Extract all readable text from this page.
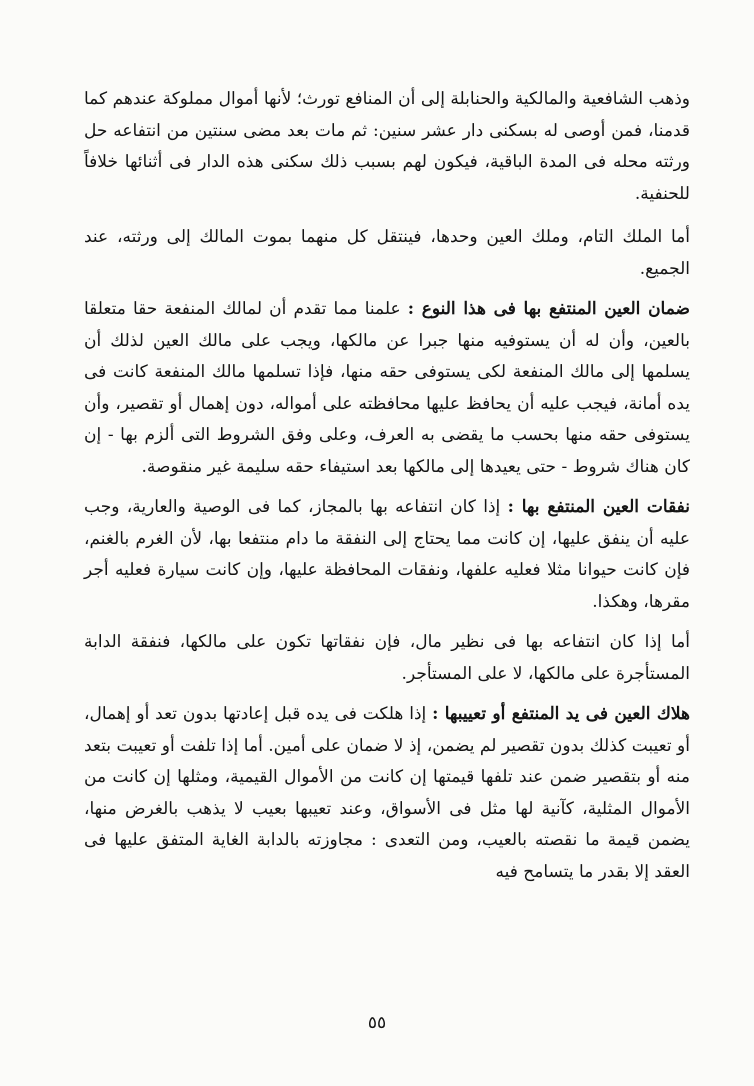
وذهب الشافعية والمالكية والحنابلة إلى أن المنافع تورث؛ لأنها أموال مملوكة عندهم كما قدمنا، فمن أوصى له بسكنى دار عشر سنين: ثم مات بعد مضى سنتين من انتفاعه حل ورثته محله فى المدة الباقية، فيكون لهم بسبب ذلك سكنى هذه الدار فى أثنائها خلافاً للحنفية.

أما الملك التام، وملك العين وحدها، فينتقل كل منهما بموت المالك إلى ورثته، عند الجميع.

ضمان العين المنتفع بها فى هذا النوع : علمنا مما تقدم أن لمالك المنفعة حقا متعلقا بالعين، وأن له أن يستوفيه منها جبرا عن مالكها، ويجب على مالك العين لذلك أن يسلمها إلى مالك المنفعة لكى يستوفى حقه منها، فإذا تسلمها مالك المنفعة كانت فى يده أمانة، فيجب عليه أن يحافظ عليها محافظته على أمواله، دون إهمال أو تقصير، وأن يستوفى حقه منها بحسب ما يقضى به العرف، وعلى وفق الشروط التى ألزم بها - إن كان هناك شروط - حتى يعيدها إلى مالكها بعد استيفاء حقه سليمة غير منقوصة.

نفقات العين المنتفع بها : إذا كان انتفاعه بها بالمجاز، كما فى الوصية والعارية، وجب عليه أن ينفق عليها، إن كانت مما يحتاج إلى النفقة ما دام منتفعا بها، لأن الغرم بالغنم، فإن كانت حيوانا مثلا فعليه علفها، ونفقات المحافظة عليها، وإن كانت سيارة فعليه أجر مقرها، وهكذا.

أما إذا كان انتفاعه بها فى نظير مال، فإن نفقاتها تكون على مالكها، فنفقة الدابة المستأجرة على مالكها، لا على المستأجر.

هلاك العين فى يد المنتفع أو تعييبها : إذا هلكت فى يده قبل إعادتها بدون تعد أو إهمال، أو تعيبت كذلك بدون تقصير لم يضمن، إذ لا ضمان على أمين. أما إذا تلفت أو تعيبت بتعد منه أو بتقصير ضمن عند تلفها قيمتها إن كانت من الأموال القيمية، ومثلها إن كانت من الأموال المثلية، كآنية لها مثل فى الأسواق، وعند تعيبها بعيب لا يذهب بالغرض منها، يضمن قيمة ما نقصته بالعيب، ومن التعدى : مجاوزته بالدابة الغاية المتفق عليها فى العقد إلا بقدر ما يتسامح فيه

٥٥
